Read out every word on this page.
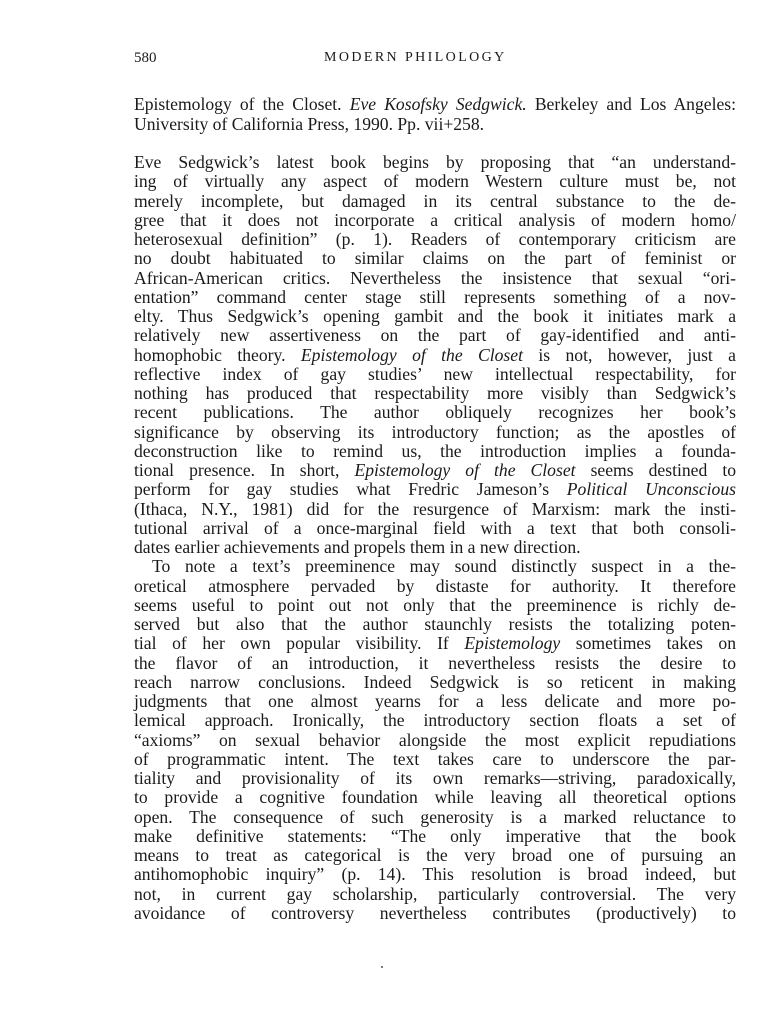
580	MODERN PHILOLOGY
Epistemology of the Closet. Eve Kosofsky Sedgwick. Berkeley and Los Angeles: University of California Press, 1990. Pp. vii+258.
Eve Sedgwick’s latest book begins by proposing that “an understand-
ing of virtually any aspect of modern Western culture must be, not
merely incomplete, but damaged in its central substance to the de-
gree that it does not incorporate a critical analysis of modern homo/
heterosexual definition” (p. 1). Readers of contemporary criticism are
no doubt habituated to similar claims on the part of feminist or
African-American critics. Nevertheless the insistence that sexual “ori-
entation” command center stage still represents something of a nov-
elty. Thus Sedgwick’s opening gambit and the book it initiates mark a
relatively new assertiveness on the part of gay-identified and anti-
homophobic theory. Epistemology of the Closet is not, however, just a
reflective index of gay studies’ new intellectual respectability, for
nothing has produced that respectability more visibly than Sedgwick’s
recent publications. The author obliquely recognizes her book’s
significance by observing its introductory function; as the apostles of
deconstruction like to remind us, the introduction implies a founda-
tional presence. In short, Epistemology of the Closet seems destined to
perform for gay studies what Fredric Jameson’s Political Unconscious
(Ithaca, N.Y., 1981) did for the resurgence of Marxism: mark the insti-
tutional arrival of a once-marginal field with a text that both consoli-
dates earlier achievements and propels them in a new direction.
To note a text’s preeminence may sound distinctly suspect in a the-
oretical atmosphere pervaded by distaste for authority. It therefore
seems useful to point out not only that the preeminence is richly de-
served but also that the author staunchly resists the totalizing poten-
tial of her own popular visibility. If Epistemology sometimes takes on
the flavor of an introduction, it nevertheless resists the desire to
reach narrow conclusions. Indeed Sedgwick is so reticent in making
judgments that one almost yearns for a less delicate and more po-
lemical approach. Ironically, the introductory section floats a set of
“axioms” on sexual behavior alongside the most explicit repudiations
of programmatic intent. The text takes care to underscore the par-
tiality and provisionality of its own remarks—striving, paradoxically,
to provide a cognitive foundation while leaving all theoretical options
open. The consequence of such generosity is a marked reluctance to
make definitive statements: “The only imperative that the book
means to treat as categorical is the very broad one of pursuing an
antihomophobic inquiry” (p. 14). This resolution is broad indeed, but
not, in current gay scholarship, particularly controversial. The very
avoidance of controversy nevertheless contributes (productively) to
